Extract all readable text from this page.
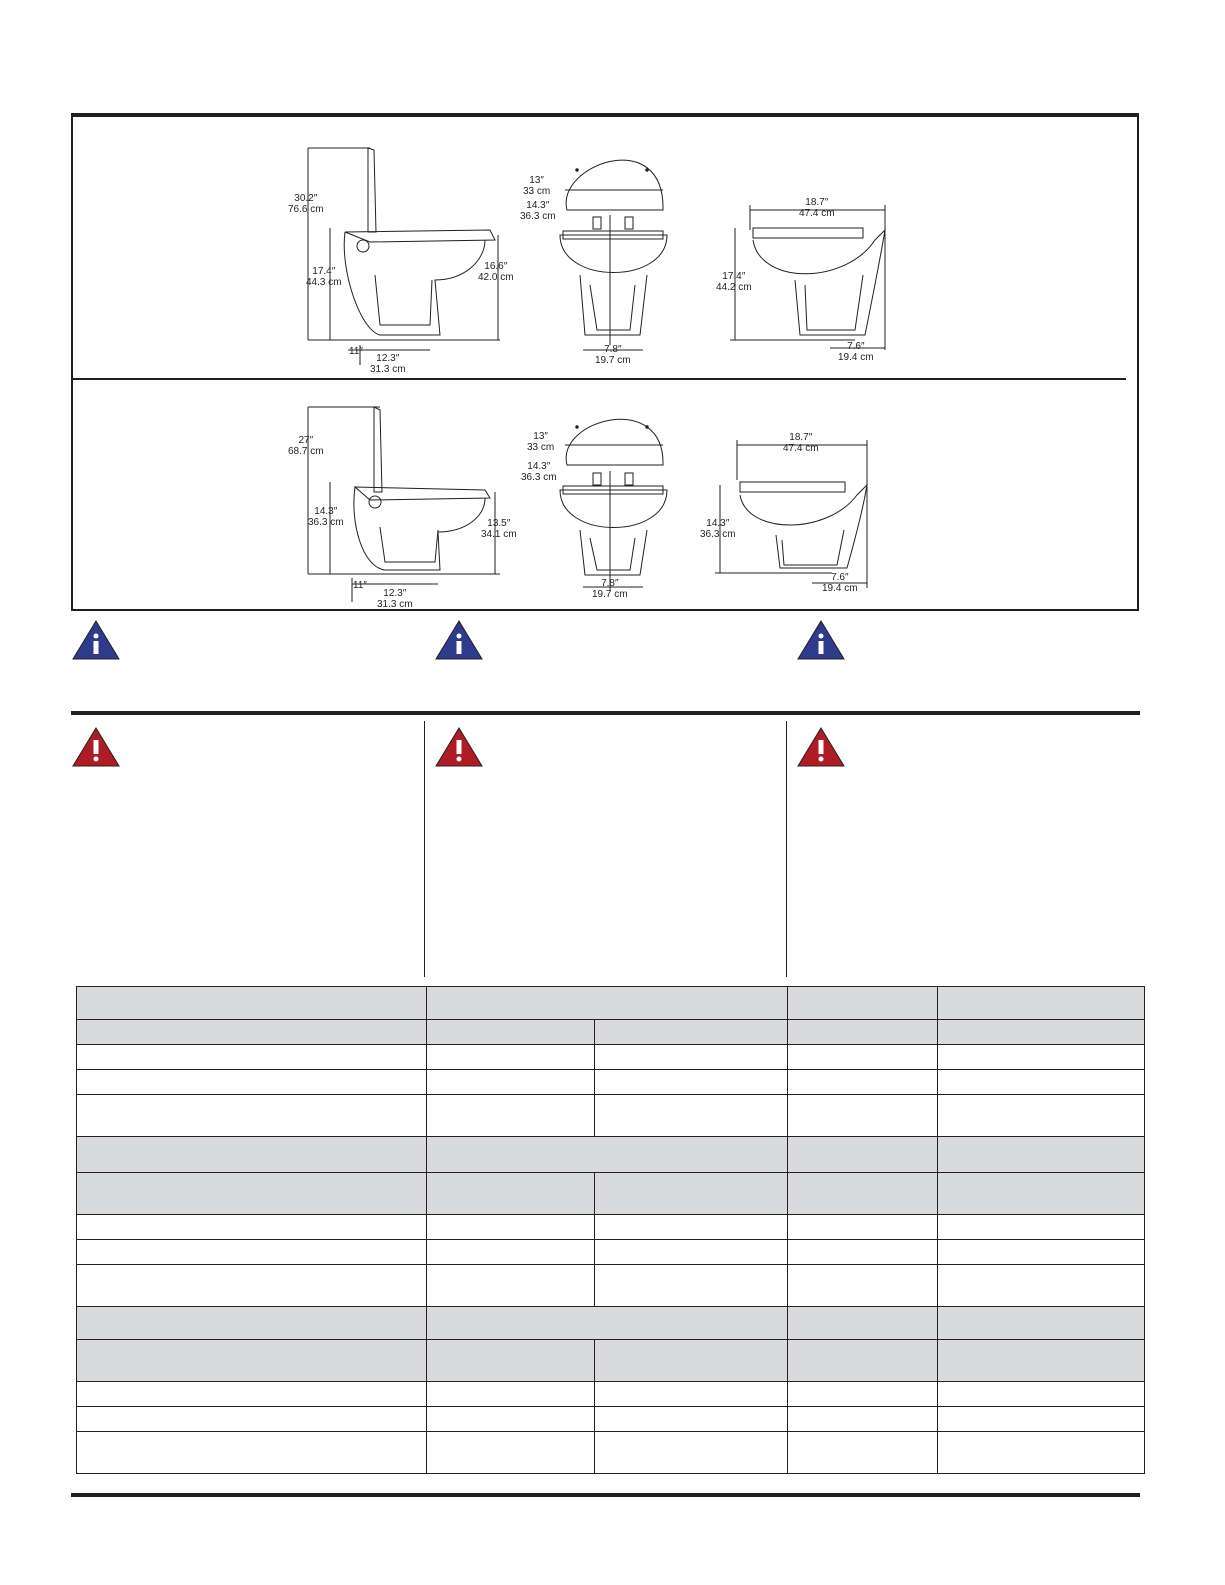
30.2″
76.6 cm
17.4″
44.3 cm
16.6″
42.0 cm
11″
12.3″
31.3 cm
13″
33 cm
14.3″
36.3 cm
7.8″
19.7 cm
18.7″
47.4 cm
17.4″
44.2 cm
7.6″
19.4 cm
27″
68.7 cm
14.3″
36.3 cm	13.5″
34.1 cm
11″
12.3″
31.3 cm
13″
33 cm
14.3″
36.3 cm
7.8″
19.7 cm
18.7″
47.4 cm
14.3″
36.3 cm
7.6″
19.4 cm
